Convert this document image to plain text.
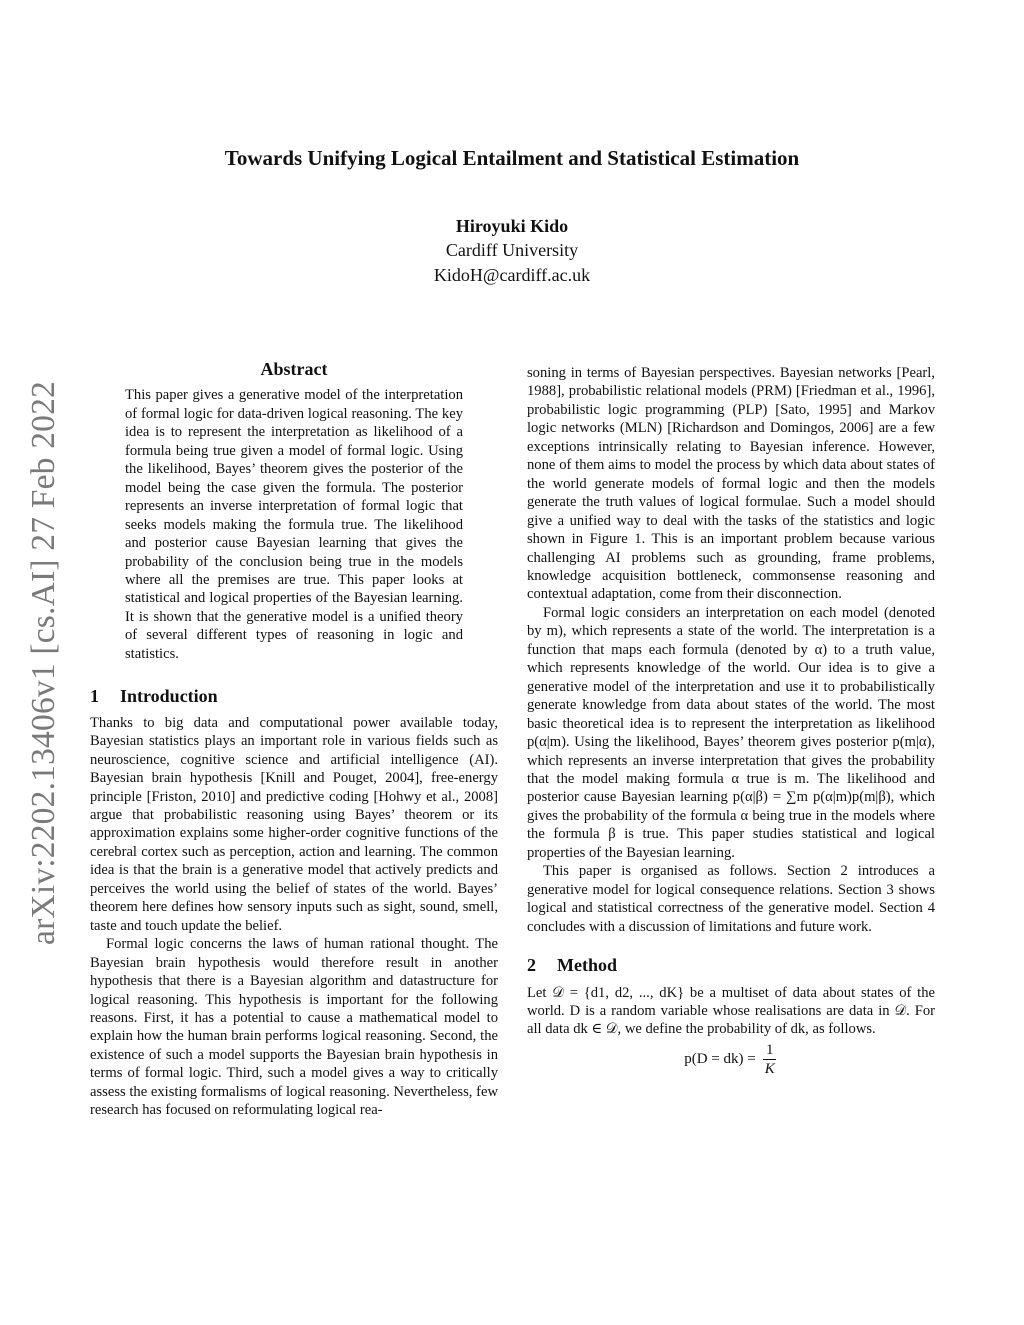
Towards Unifying Logical Entailment and Statistical Estimation

Hiroyuki Kido

Cardiff University

KidoH@cardiff.ac.uk

arXiv:2202.13406v1 [cs.AI] 27 Feb 2022
Abstract

This paper gives a generative model of the interpretation of formal logic for data-driven logical reasoning. The key idea is to represent the interpretation as likelihood of a formula being true given a model of formal logic. Using the likelihood, Bayes’ theorem gives the posterior of the model being the case given the formula. The posterior represents an inverse interpretation of formal logic that seeks models making the formula true. The likelihood and posterior cause Bayesian learning that gives the probability of the conclusion being true in the models where all the premises are true. This paper looks at statistical and logical properties of the Bayesian learning. It is shown that the generative model is a unified theory of several different types of reasoning in logic and statistics.

1 Introduction

Thanks to big data and computational power available today, Bayesian statistics plays an important role in various fields such as neuroscience, cognitive science and artificial intelligence (AI). Bayesian brain hypothesis [Knill and Pouget, 2004], free-energy principle [Friston, 2010] and predictive coding [Hohwy et al., 2008] argue that probabilistic reasoning using Bayes’ theorem or its approximation explains some higher-order cognitive functions of the cerebral cortex such as perception, action and learning. The common idea is that the brain is a generative model that actively predicts and perceives the world using the belief of states of the world. Bayes’ theorem here defines how sensory inputs such as sight, sound, smell, taste and touch update the belief.

Formal logic concerns the laws of human rational thought. The Bayesian brain hypothesis would therefore result in another hypothesis that there is a Bayesian algorithm and datastructure for logical reasoning. This hypothesis is important for the following reasons. First, it has a potential to cause a mathematical model to explain how the human brain performs logical reasoning. Second, the existence of such a model supports the Bayesian brain hypothesis in terms of formal logic. Third, such a model gives a way to critically assess the existing formalisms of logical reasoning. Nevertheless, few research has focused on reformulating logical rea-

soning in terms of Bayesian perspectives. Bayesian networks [Pearl, 1988], probabilistic relational models (PRM) [Friedman et al., 1996], probabilistic logic programming (PLP) [Sato, 1995] and Markov logic networks (MLN) [Richardson and Domingos, 2006] are a few exceptions intrinsically relating to Bayesian inference. However, none of them aims to model the process by which data about states of the world generate models of formal logic and then the models generate the truth values of logical formulae. Such a model should give a unified way to deal with the tasks of the statistics and logic shown in Figure 1. This is an important problem because various challenging AI problems such as grounding, frame problems, knowledge acquisition bottleneck, commonsense reasoning and contextual adaptation, come from their disconnection.

Formal logic considers an interpretation on each model (denoted by m), which represents a state of the world. The interpretation is a function that maps each formula (denoted by α) to a truth value, which represents knowledge of the world. Our idea is to give a generative model of the interpretation and use it to probabilistically generate knowledge from data about states of the world. The most basic theoretical idea is to represent the interpretation as likelihood p(α|m). Using the likelihood, Bayes’ theorem gives posterior p(m|α), which represents an inverse interpretation that gives the probability that the model making formula α true is m. The likelihood and posterior cause Bayesian learning p(α|β) = ∑m p(α|m)p(m|β), which gives the probability of the formula α being true in the models where the formula β is true. This paper studies statistical and logical properties of the Bayesian learning.

This paper is organised as follows. Section 2 introduces a generative model for logical consequence relations. Section 3 shows logical and statistical correctness of the generative model. Section 4 concludes with a discussion of limitations and future work.

2 Method

Let 𝒟 = {d1, d2, ..., dK} be a multiset of data about states of the world. D is a random variable whose realisations are data in 𝒟. For all data dk ∈ 𝒟, we define the probability of dk, as follows.

$p(D = dk) = \frac{1}{K}$
